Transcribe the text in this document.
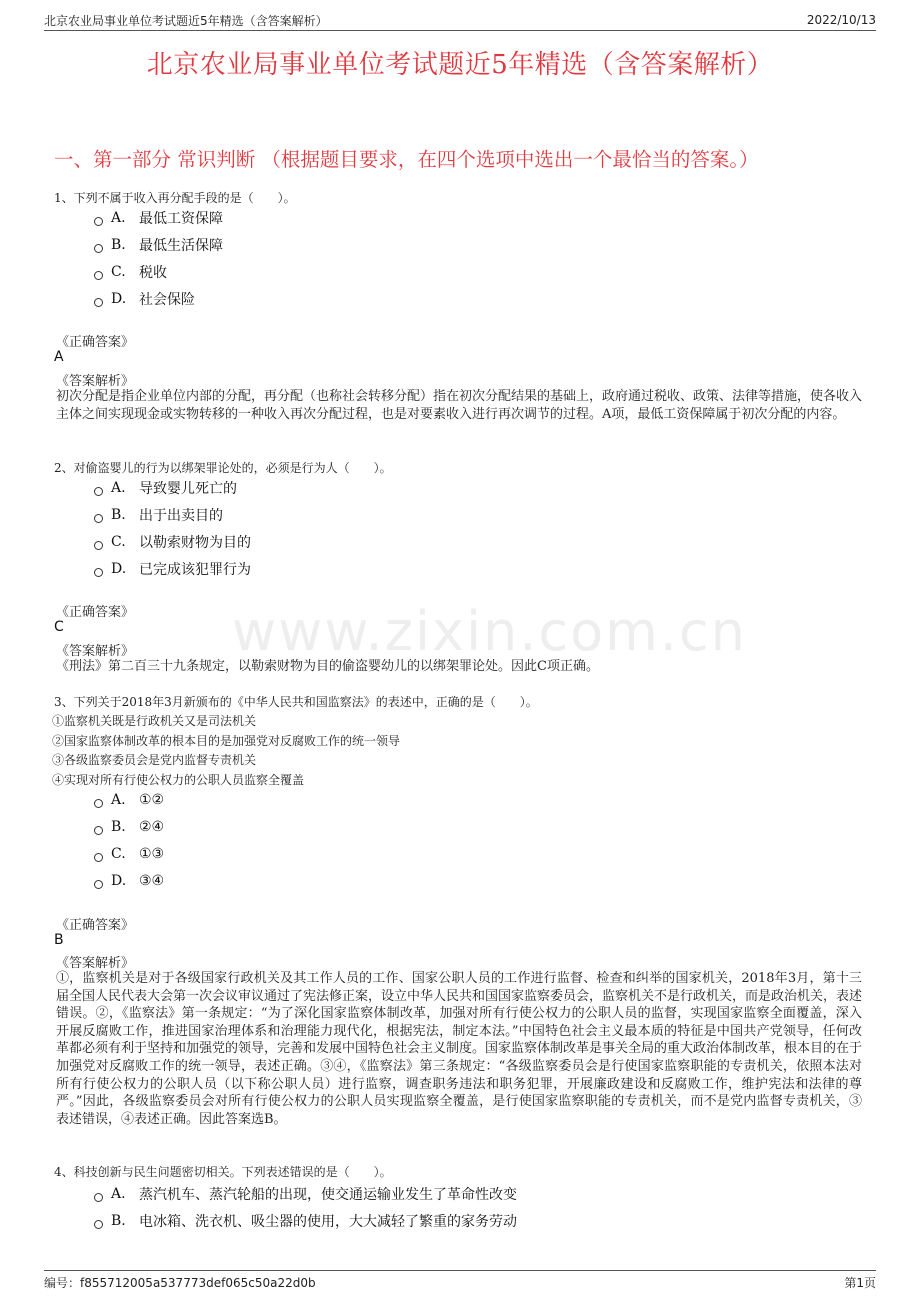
北京农业局事业单位考试题近5年精选（含答案解析）	2022/10/13
北京农业局事业单位考试题近5年精选（含答案解析）
一、第一部分 常识判断 （根据题目要求，在四个选项中选出一个最恰当的答案。）
www.zixin.com.cn
1、下列不属于收入再分配手段的是（　　）。
A. 最低工资保障
B. 最低生活保障
C. 税收
D. 社会保险
《正确答案》
A
《答案解析》
初次分配是指企业单位内部的分配，再分配（也称社会转移分配）指在初次分配结果的基础上，政府通过税收、政策、法律等措施，使各收入主体之间实现现金或实物转移的一种收入再次分配过程，也是对要素收入进行再次调节的过程。A项，最低工资保障属于初次分配的内容。
2、对偷盗婴儿的行为以绑架罪论处的，必须是行为人（　　）。
A. 导致婴儿死亡的
B. 出于出卖目的
C. 以勒索财物为目的
D. 已完成该犯罪行为
《正确答案》
C
《答案解析》
《刑法》第二百三十九条规定，以勒索财物为目的偷盗婴幼儿的以绑架罪论处。因此C项正确。
3、下列关于2018年3月新颁布的《中华人民共和国监察法》的表述中，正确的是（　　）。
①监察机关既是行政机关又是司法机关
②国家监察体制改革的根本目的是加强党对反腐败工作的统一领导
③各级监察委员会是党内监督专责机关
④实现对所有行使公权力的公职人员监察全覆盖
A. ①②
B. ②④
C. ①③
D. ③④
《正确答案》
B
《答案解析》
①，监察机关是对于各级国家行政机关及其工作人员的工作、国家公职人员的工作进行监督、检查和纠举的国家机关，2018年3月，第十三届全国人民代表大会第一次会议审议通过了宪法修正案，设立中华人民共和国国家监察委员会，监察机关不是行政机关，而是政治机关，表述错误。②，《监察法》第一条规定：“为了深化国家监察体制改革，加强对所有行使公权力的公职人员的监督，实现国家监察全面覆盖，深入开展反腐败工作，推进国家治理体系和治理能力现代化，根据宪法，制定本法。”中国特色社会主义最本质的特征是中国共产党领导，任何改革都必须有利于坚持和加强党的领导，完善和发展中国特色社会主义制度。国家监察体制改革是事关全局的重大政治体制改革，根本目的在于加强党对反腐败工作的统一领导，表述正确。③④，《监察法》第三条规定：“各级监察委员会是行使国家监察职能的专责机关，依照本法对所有行使公权力的公职人员（以下称公职人员）进行监察，调查职务违法和职务犯罪，开展廉政建设和反腐败工作，维护宪法和法律的尊严。”因此，各级监察委员会对所有行使公权力的公职人员实现监察全覆盖，是行使国家监察职能的专责机关，而不是党内监督专责机关，③表述错误，④表述正确。因此答案选B。
4、科技创新与民生问题密切相关。下列表述错误的是（　　）。
A. 蒸汽机车、蒸汽轮船的出现，使交通运输业发生了革命性改变
B. 电冰箱、洗衣机、吸尘器的使用，大大减轻了繁重的家务劳动
编号：f855712005a537773def065c50a22d0b	第1页
